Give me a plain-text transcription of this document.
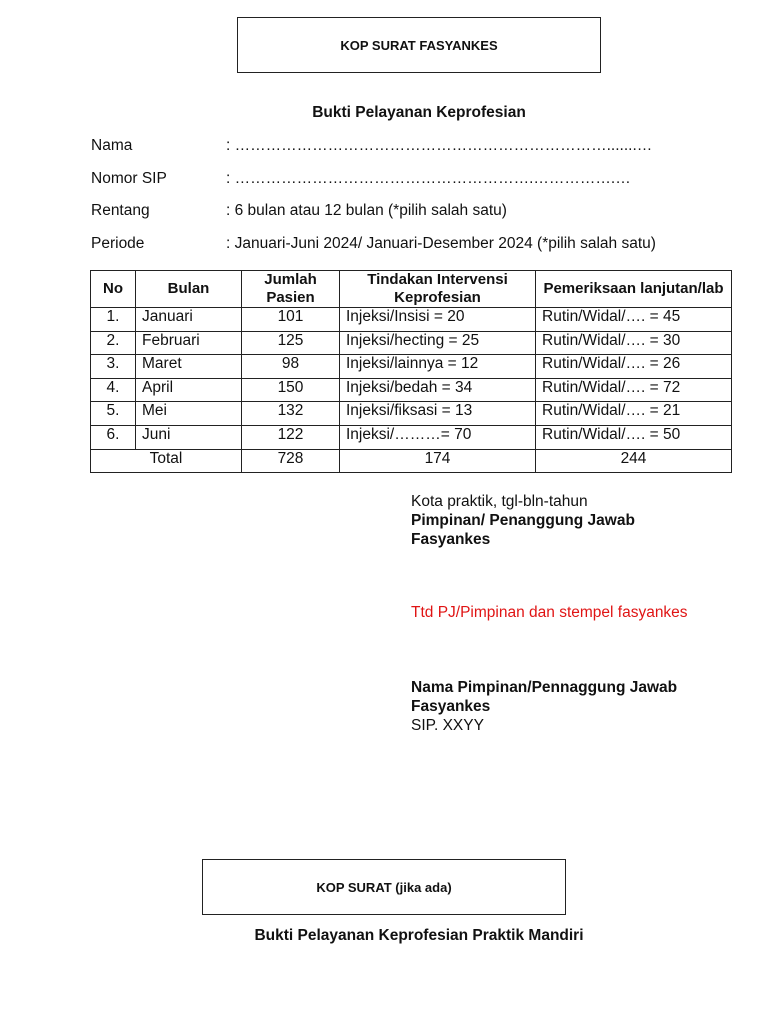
KOP SURAT FASYANKES
Bukti Pelayanan Keprofesian
Nama	: ……………………………………………………………….......…
Nomor SIP	: ………………………………………………….…………….…
Rentang	: 6 bulan atau 12 bulan (*pilih salah satu)
Periode	: Januari-Juni 2024/ Januari-Desember 2024 (*pilih salah satu)
No	Bulan	Jumlah Pasien	Tindakan Intervensi Keprofesian	Pemeriksaan lanjutan/lab
1.	Januari	101	Injeksi/Insisi = 20	Rutin/Widal/…. = 45
2.	Februari	125	Injeksi/hecting = 25	Rutin/Widal/…. = 30
3.	Maret	98	Injeksi/lainnya = 12	Rutin/Widal/…. = 26
4.	April	150	Injeksi/bedah = 34	Rutin/Widal/…. = 72
5.	Mei	132	Injeksi/fiksasi = 13	Rutin/Widal/…. = 21
6.	Juni	122	Injeksi/………= 70	Rutin/Widal/…. = 50
Total		728	174	244
Kota praktik, tgl-bln-tahun
Pimpinan/ Penanggung Jawab
Fasyankes
Ttd PJ/Pimpinan dan stempel fasyankes
Nama Pimpinan/Pennaggung Jawab
Fasyankes
SIP. XXYY
KOP SURAT (jika ada)
Bukti Pelayanan Keprofesian Praktik Mandiri
